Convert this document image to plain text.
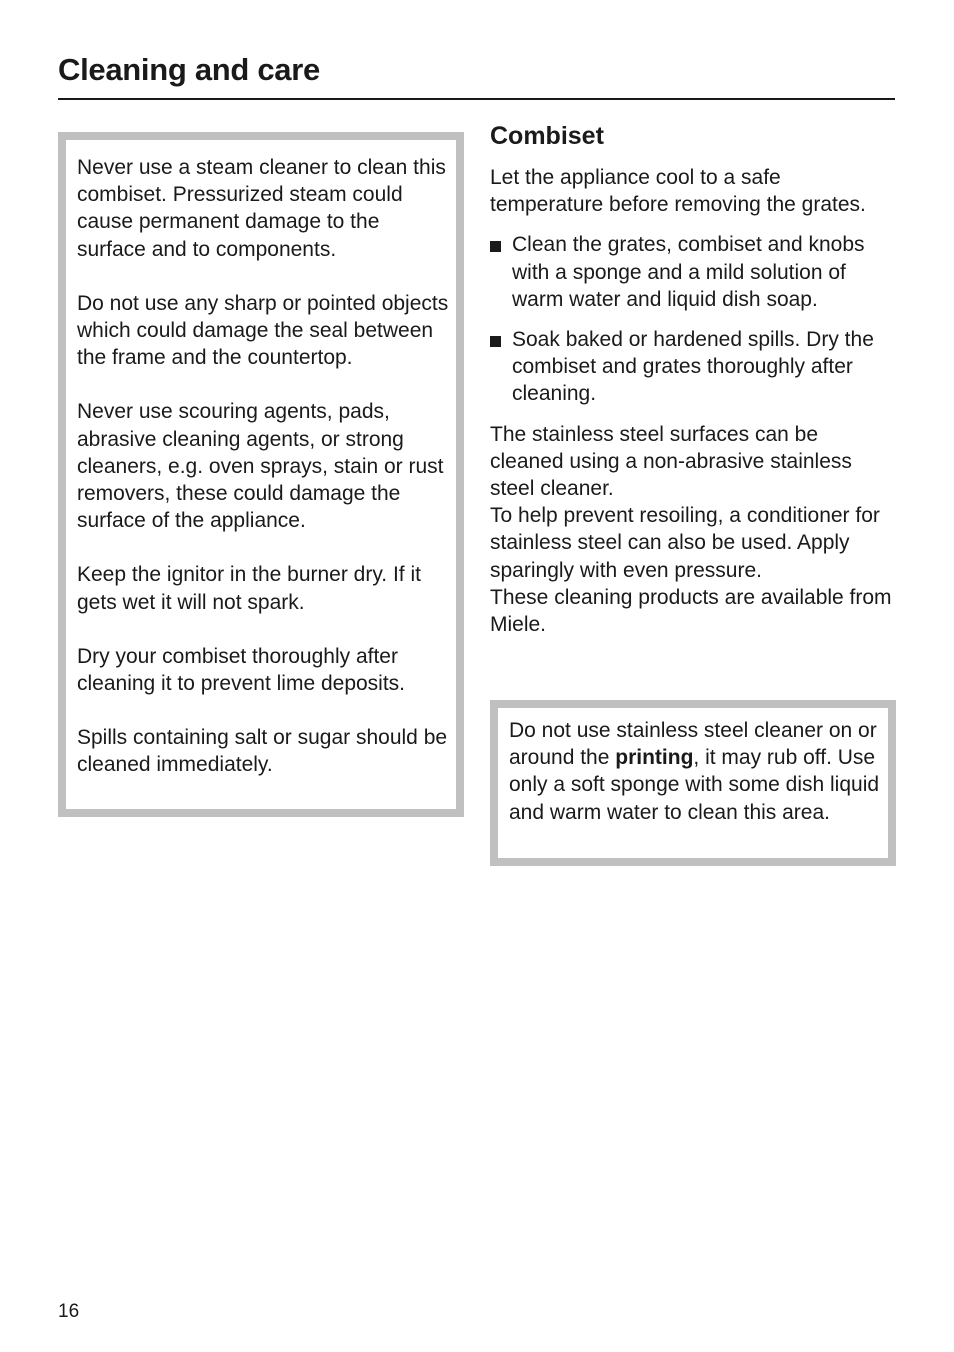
Cleaning and care

Never use a steam cleaner to clean this combiset. Pressurized steam could cause permanent damage to the surface and to components.

Do not use any sharp or pointed objects which could damage the seal between the frame and the countertop.

Never use scouring agents, pads, abrasive cleaning agents, or strong cleaners, e.g. oven sprays, stain or rust removers, these could damage the surface of the appliance.

Keep the ignitor in the burner dry. If it gets wet it will not spark.

Dry your combiset thoroughly after cleaning it to prevent lime deposits.

Spills containing salt or sugar should be cleaned immediately.

Combiset

Let the appliance cool to a safe temperature before removing the grates.

Clean the grates, combiset and knobs with a sponge and a mild solution of warm water and liquid dish soap.
Soak baked or hardened spills. Dry the combiset and grates thoroughly after cleaning.

The stainless steel surfaces can be cleaned using a non-abrasive stainless steel cleaner.

To help prevent resoiling, a conditioner for stainless steel can also be used. Apply sparingly with even pressure.

These cleaning products are available from Miele.

Do not use stainless steel cleaner on or around the printing, it may rub off. Use only a soft sponge with some dish liquid and warm water to clean this area.

16
